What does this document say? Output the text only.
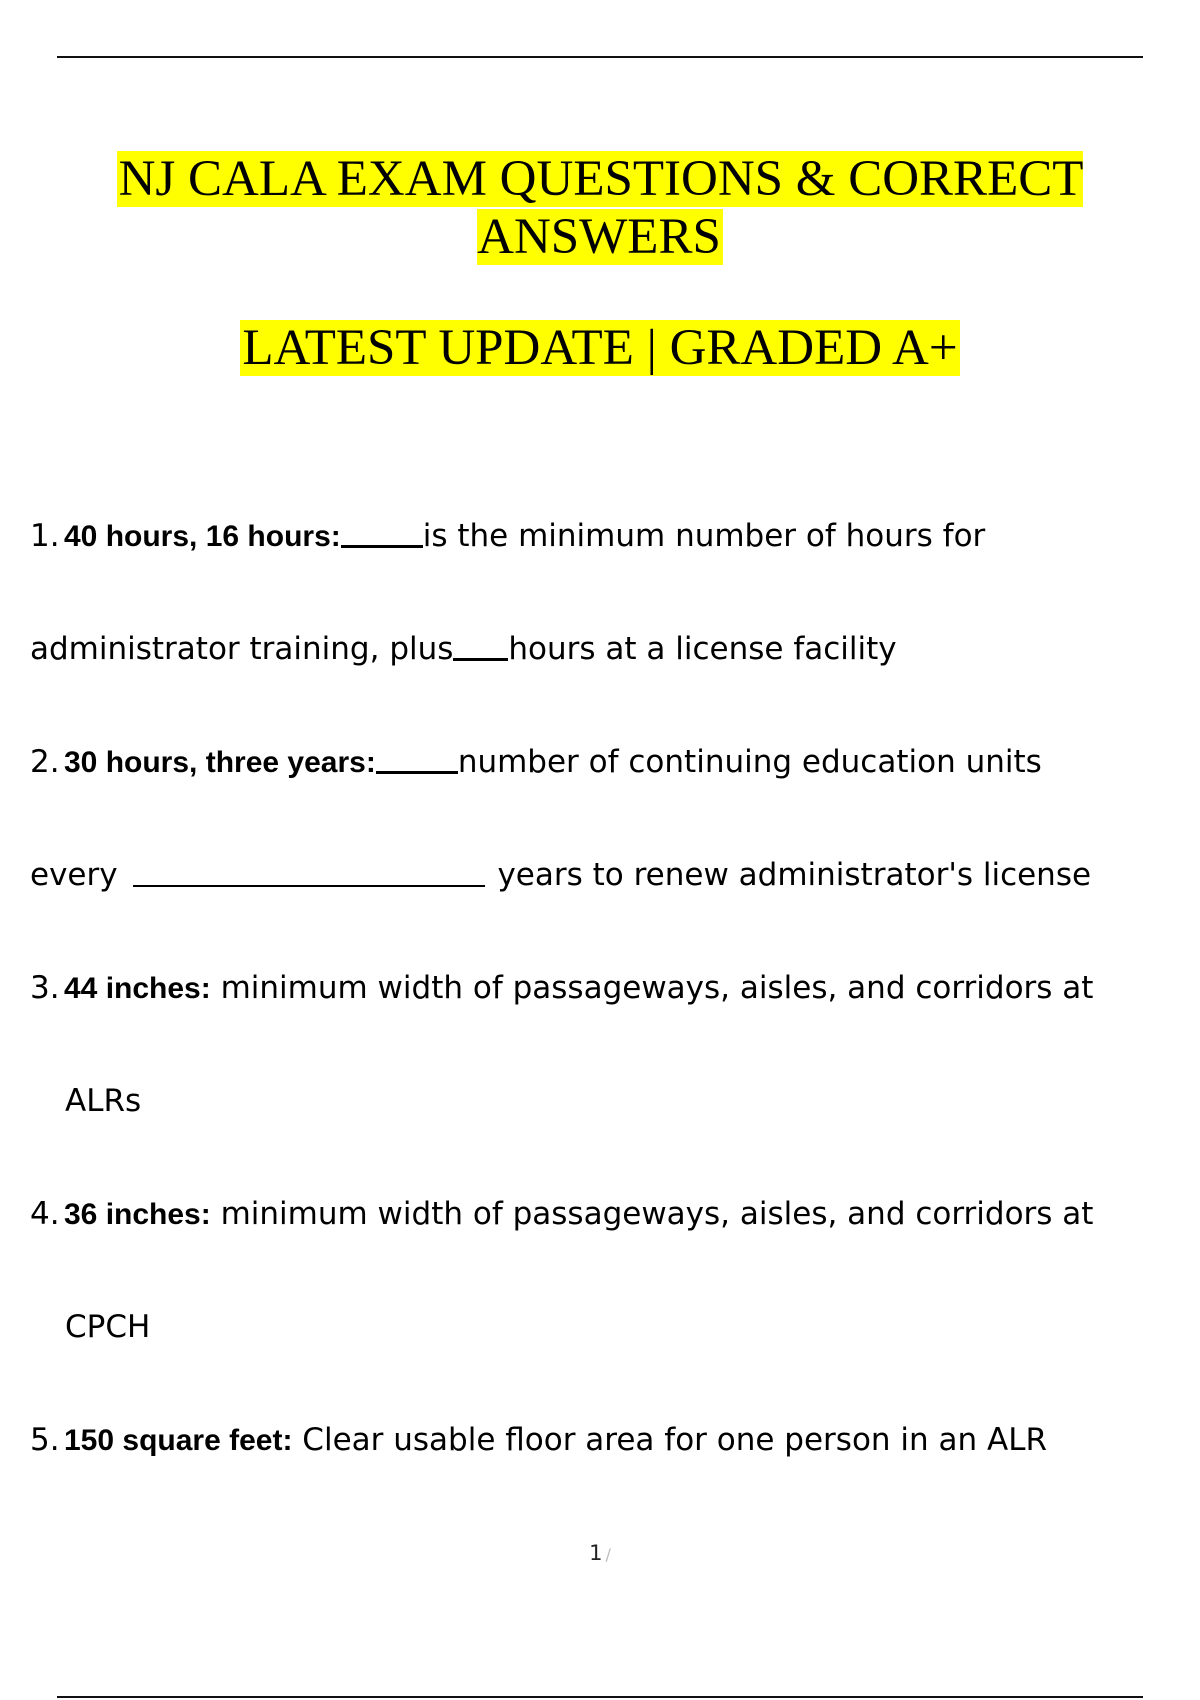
NJ CALA EXAM QUESTIONS & CORRECT ANSWERS
LATEST UPDATE | GRADED A+
1. 40 hours, 16 hours:	is the minimum number of hours for
administrator training, plus hours at a license facility
2. 30 hours, three years:	number of continuing education units
every	years to renew administrator's license
3. 44 inches: minimum width of passageways, aisles, and corridors at
ALRs
4. 36 inches: minimum width of passageways, aisles, and corridors at
CPCH
5. 150 square feet: Clear usable floor area for one person in an ALR
1 /
